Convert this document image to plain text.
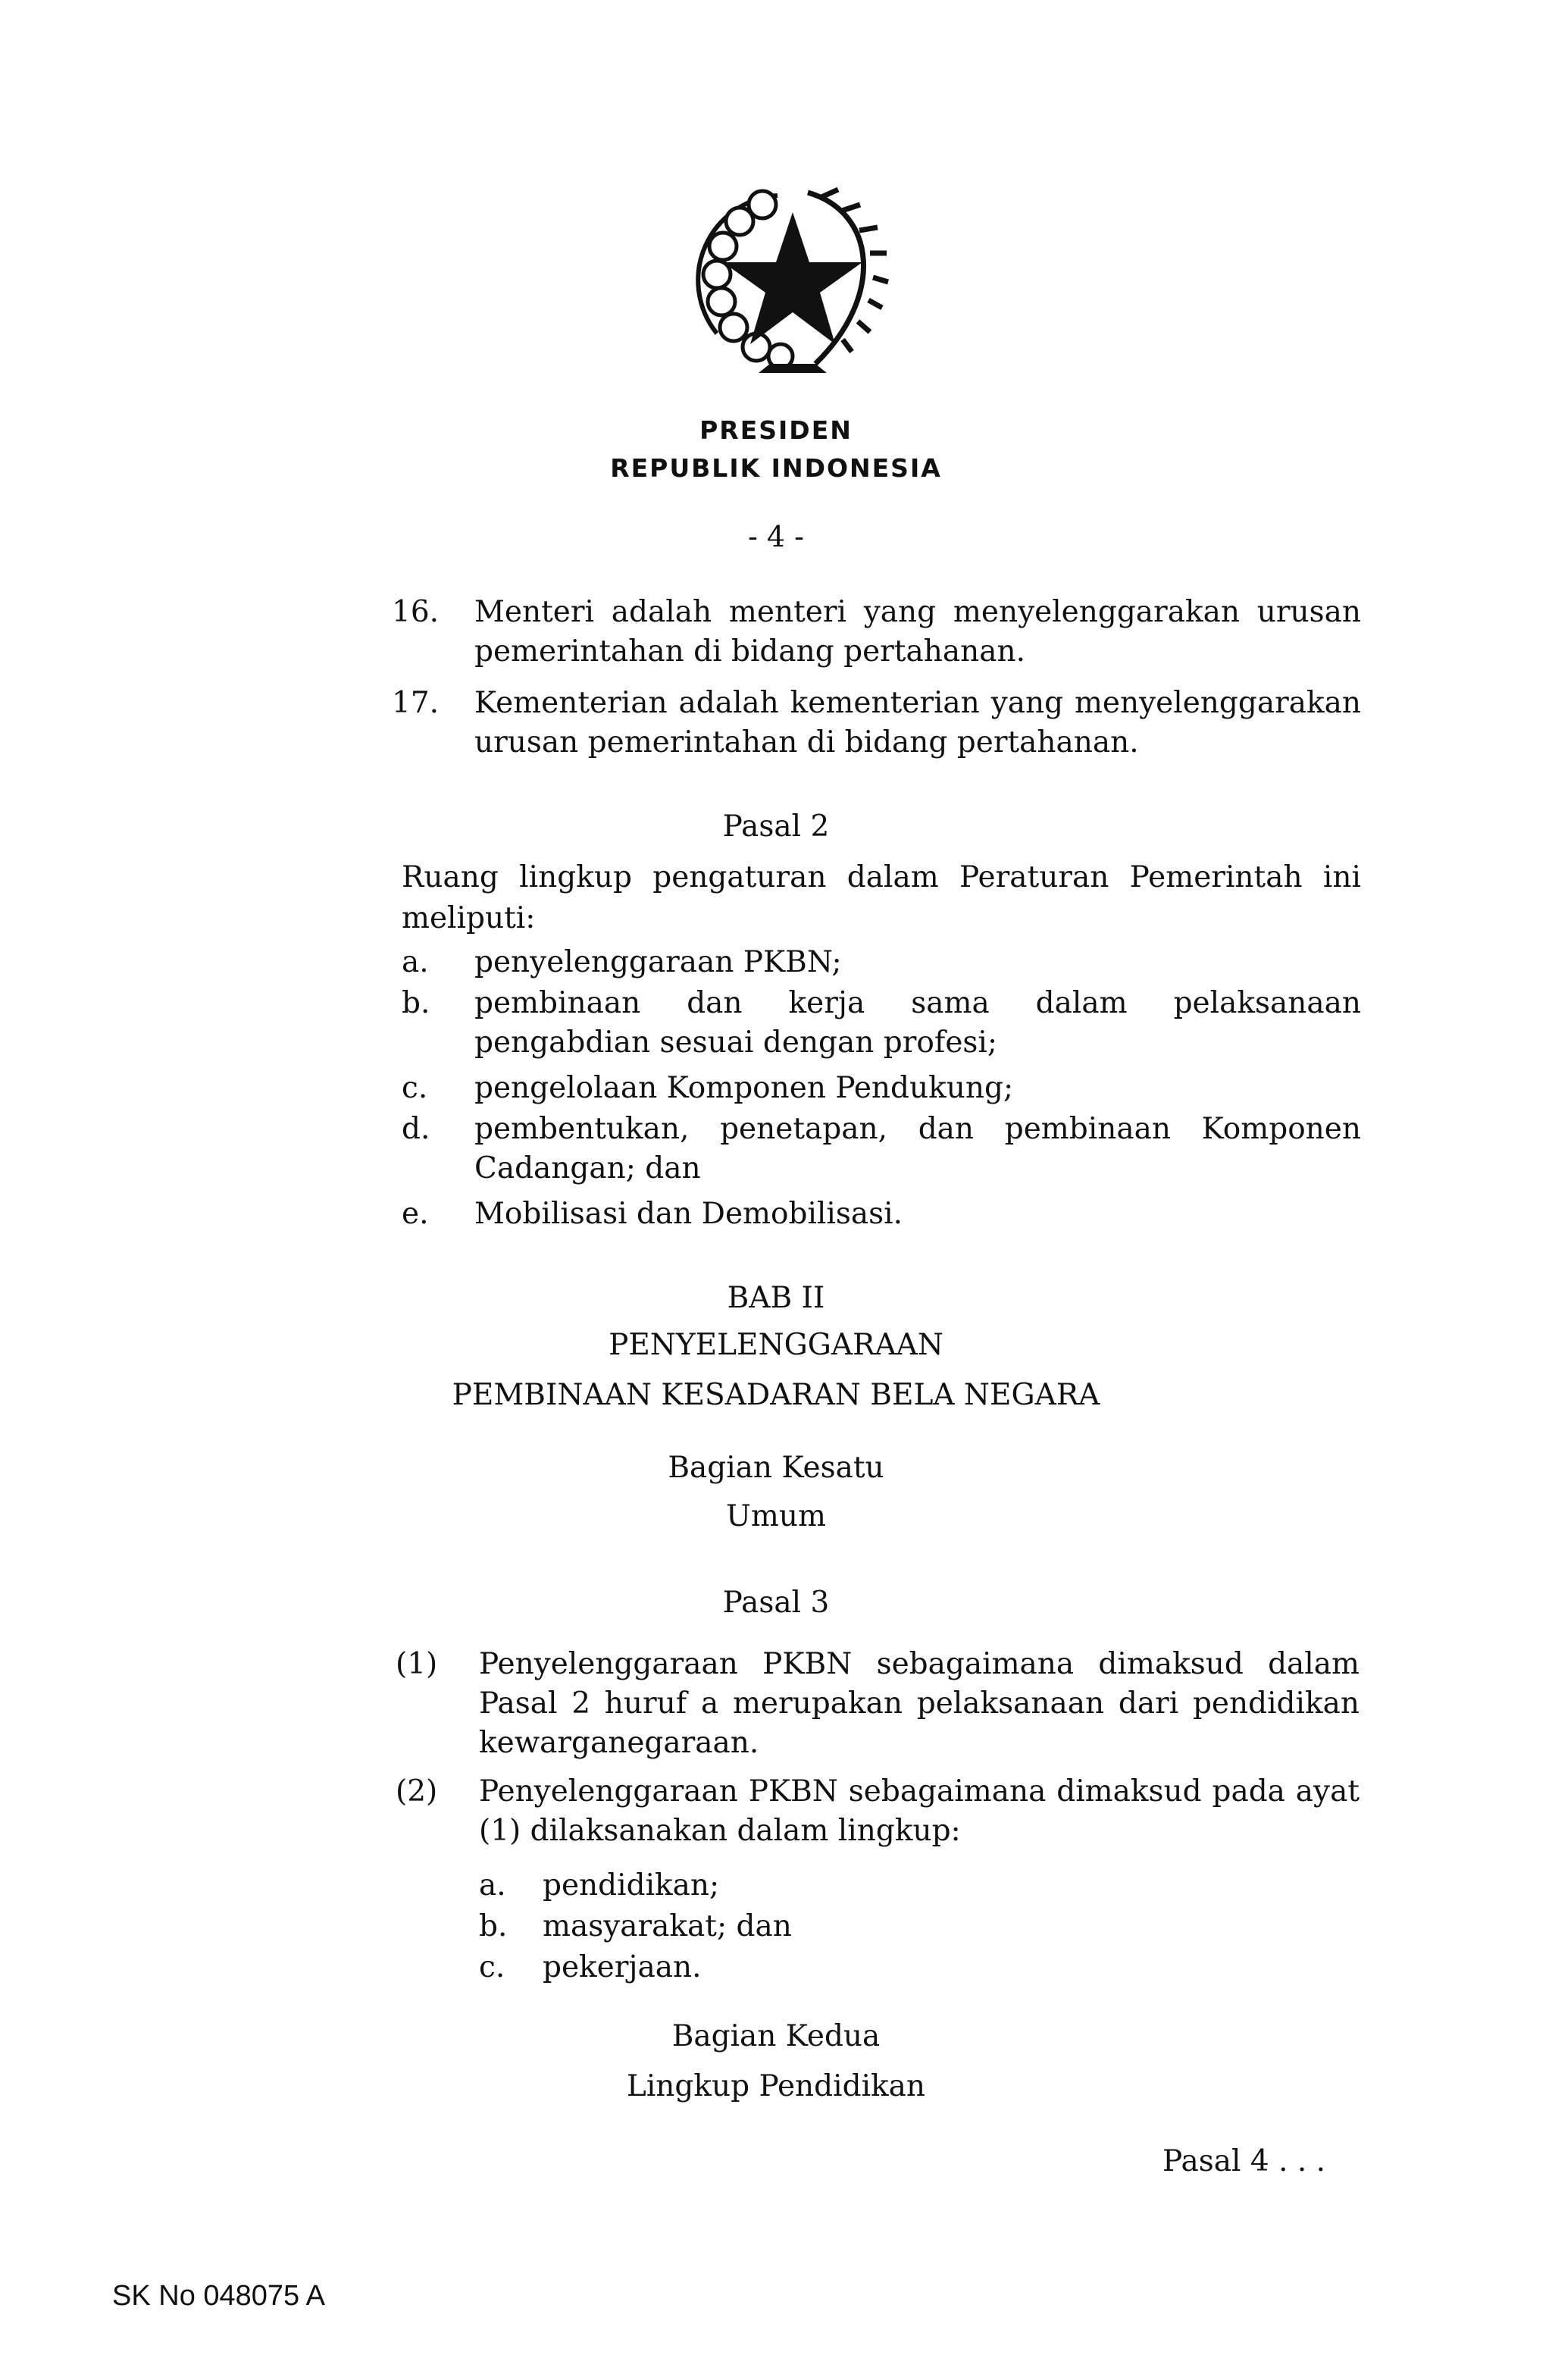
PRESIDEN
REPUBLIK INDONESIA
- 4 -
16. Menteri adalah menteri yang menyelenggarakan urusan
pemerintahan di bidang pertahanan.
17. Kementerian adalah kementerian yang menyelenggarakan
urusan pemerintahan di bidang pertahanan.
Pasal 2
Ruang lingkup pengaturan dalam Peraturan Pemerintah ini
meliputi:
a. penyelenggaraan PKBN;
b. pembinaan dan kerja sama dalam pelaksanaan
pengabdian sesuai dengan profesi;
c. pengelolaan Komponen Pendukung;
d. pembentukan, penetapan, dan pembinaan Komponen
Cadangan; dan
e. Mobilisasi dan Demobilisasi.
BAB II
PENYELENGGARAAN
PEMBINAAN KESADARAN BELA NEGARA
Bagian Kesatu
Umum
Pasal 3
(1) Penyelenggaraan PKBN sebagaimana dimaksud dalam
Pasal 2 huruf a merupakan pelaksanaan dari pendidikan
kewarganegaraan.
(2) Penyelenggaraan PKBN sebagaimana dimaksud pada ayat
(1) dilaksanakan dalam lingkup:
a. pendidikan;
b. masyarakat; dan
c. pekerjaan.
Bagian Kedua
Lingkup Pendidikan
Pasal 4 . . .
SK No 048075 A
